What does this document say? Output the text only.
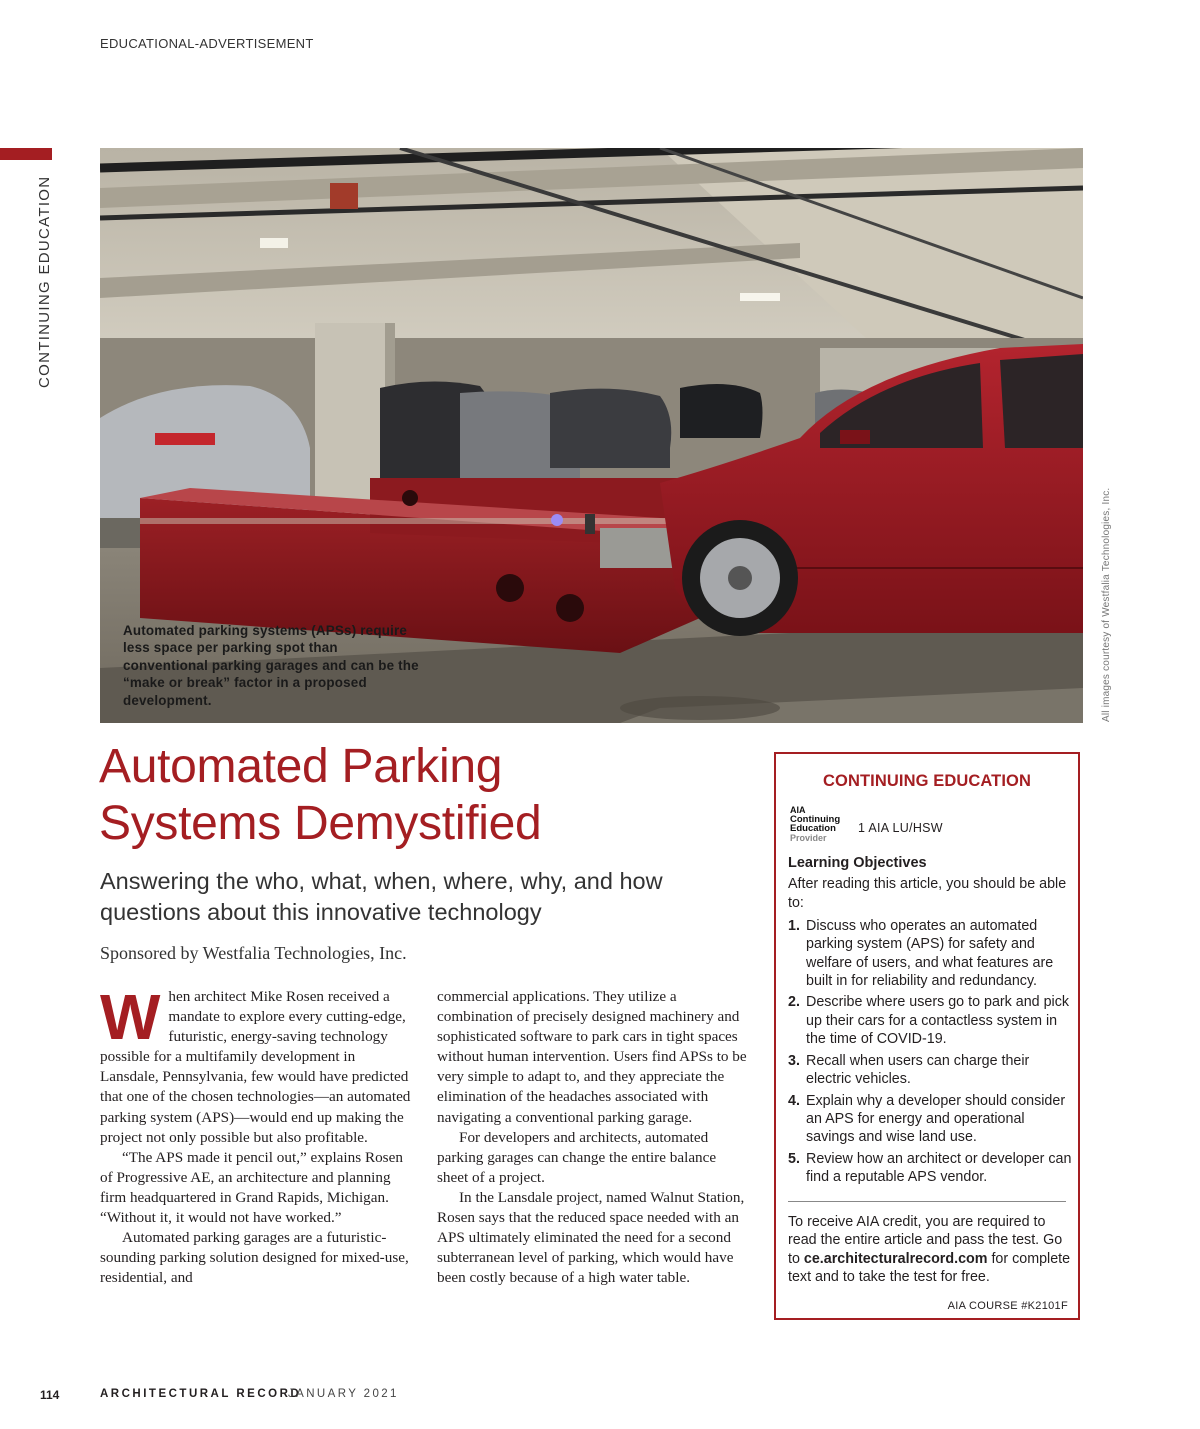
EDUCATIONAL-ADVERTISEMENT
CONTINUING EDUCATION
Automated parking systems (APSs) require less space per parking spot than conventional parking garages and can be the “make or break” factor in a proposed development.	All images courtesy of Westfalia Technologies, Inc.
Automated Parking
Systems Demystified
Answering the who, what, when, where, why, and how questions about this innovative technology
Sponsored by Westfalia Technologies, Inc.
W hen architect Mike Rosen received a mandate to explore every cutting-edge, futuristic, energy-saving technology possible for a multifamily development in Lansdale, Pennsylvania, few would have predicted that one of the chosen technologies—an automated parking system (APS)—would end up making the project not only possible but also profitable.

“The APS made it pencil out,” explains Rosen of Progressive AE, an architecture and planning firm headquartered in Grand Rapids, Michigan. “Without it, it would not have worked.”

Automated parking garages are a futuristic-sounding parking solution designed for mixed-use, residential, and

commercial applications. They utilize a combination of precisely designed machinery and sophisticated software to park cars in tight spaces without human intervention. Users find APSs to be very simple to adapt to, and they appreciate the elimination of the headaches associated with navigating a conventional parking garage.

For developers and architects, automated parking garages can change the entire balance sheet of a project.

In the Lansdale project, named Walnut Station, Rosen says that the reduced space needed with an APS ultimately eliminated the need for a second subterranean level of parking, which would have been costly because of a high water table.

CONTINUING EDUCATION
AIA
Continuing
Education
Provider
1 AIA LU/HSW
Learning Objectives
After reading this article, you should be able to:
1. Discuss who operates an automated parking system (APS) for safety and welfare of users, and what features are built in for reliability and redundancy.
2. Describe where users go to park and pick up their cars for a contactless system in the time of COVID-19.
3. Recall when users can charge their electric vehicles.
4. Explain why a developer should consider an APS for energy and operational savings and wise land use.
5. Review how an architect or developer can find a reputable APS vendor.
To receive AIA credit, you are required to read the entire article and pass the test. Go to ce.architecturalrecord.com for complete text and to take the test for free.
AIA COURSE #K2101F
114	ARCHITECTURAL RECORD
JANUARY 2021
